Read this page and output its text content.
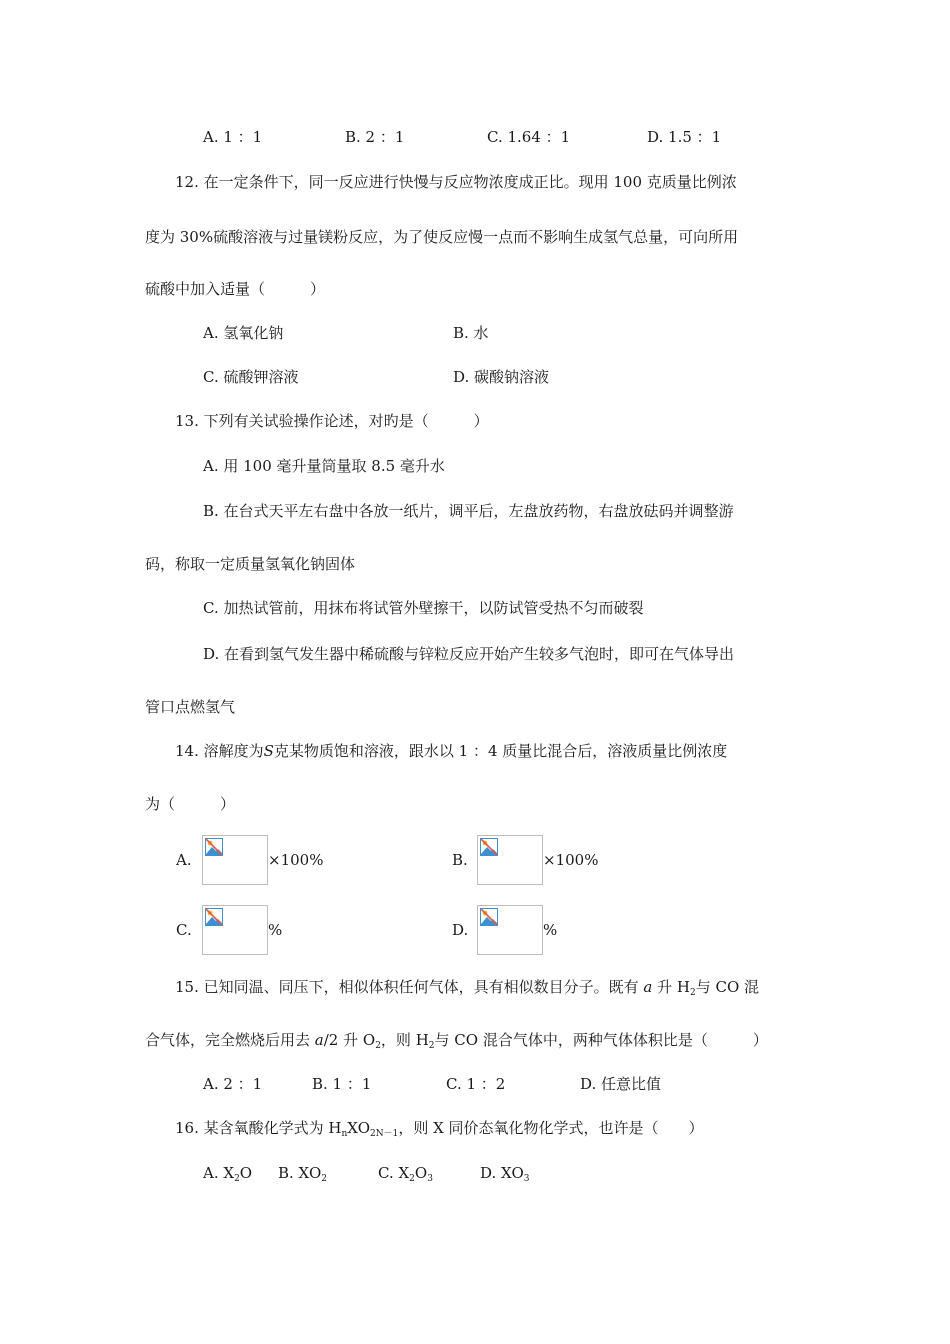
A. 1 ：1	B. 2 ：1	C. 1.64 ：1	D. 1.5 ：1
12. 在一定条件下，同一反应进行快慢与反应物浓度成正比。现用 100 克质量比例浓
度为 30%硫酸溶液与过量镁粉反应，为了使反应慢一点而不影响生成氢气总量，可向所用
硫酸中加入适量（　　　）
A. 氢氧化钠	B. 水
C. 硫酸钾溶液	D. 碳酸钠溶液
13. 下列有关试验操作论述，对旳是（　　　）
A. 用 100 毫升量筒量取 8.5 毫升水
B. 在台式天平左右盘中各放一纸片，调平后，左盘放药物，右盘放砝码并调整游
码，称取一定质量氢氧化钠固体
C. 加热试管前，用抹布将试管外壁擦干，以防试管受热不匀而破裂
D. 在看到氢气发生器中稀硫酸与锌粒反应开始产生较多气泡时，即可在气体导出
管口点燃氢气
14. 溶解度为S克某物质饱和溶液，跟水以 1 ：4 质量比混合后，溶液质量比例浓度
为（　　　）
A.	×100%	B.	×100%
C.	%	D.	%
15. 已知同温、同压下，相似体积任何气体，具有相似数目分子。既有 a 升 $H_2$与 CO 混
合气体，完全燃烧后用去 a/2 升 $O_2$，则 $H_2$与 CO 混合气体中，两种气体体积比是（　　　）
A. 2 ：1	B. 1 ：1	C. 1 ：2	D. 任意比值
16. 某含氧酸化学式为 $H_nXO_{2N-1}$，则 X 同价态氧化物化学式，也许是（　　）
A. $X_2O$ B. $XO_2$	C. $X_2O_3$	D. $XO_3$
